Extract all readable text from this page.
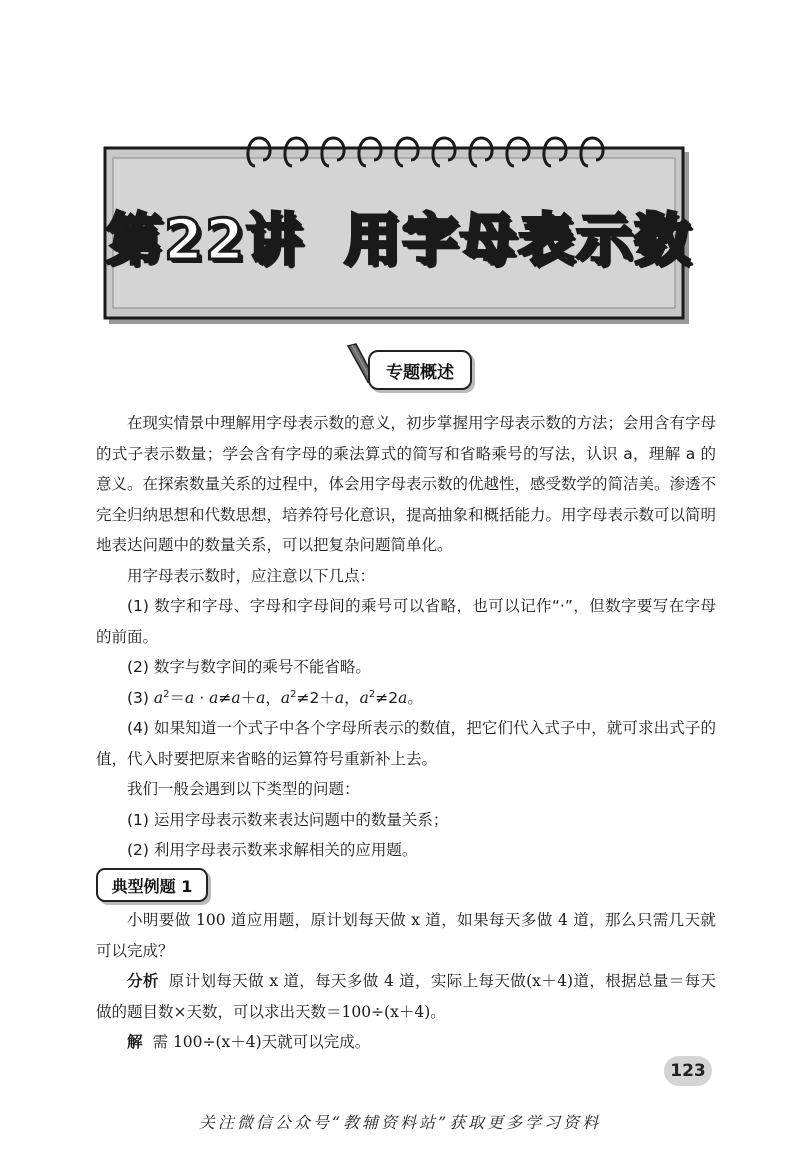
第22讲 用字母表示数
专题概述

在现实情景中理解用字母表示数的意义，初步掌握用字母表示数的方法；会用含有字母的式子表示数量；学会含有字母的乘法算式的简写和省略乘号的写法，认识 a，理解 a 的意义。在探索数量关系的过程中，体会用字母表示数的优越性，感受数学的简洁美。渗透不完全归纳思想和代数思想，培养符号化意识，提高抽象和概括能力。用字母表示数可以简明地表达问题中的数量关系，可以把复杂问题简单化。

用字母表示数时，应注意以下几点：

(1) 数字和字母、字母和字母间的乘号可以省略，也可以记作“·”，但数字要写在字母的前面。

(2) 数字与数字间的乘号不能省略。

(3) $a^2=a \cdot a\ne a+a$，$a^2\ne 2+a$，$a^2\ne 2a$。

(4) 如果知道一个式子中各个字母所表示的数值，把它们代入式子中，就可求出式子的值，代入时要把原来省略的运算符号重新补上去。

我们一般会遇到以下类型的问题：

(1) 运用字母表示数来表达问题中的数量关系；

(2) 利用字母表示数来求解相关的应用题。

典型例题 1

小明要做 100 道应用题，原计划每天做 x 道，如果每天多做 4 道，那么只需几天就可以完成？

分析 原计划每天做 x 道，每天多做 4 道，实际上每天做(x＋4)道，根据总量＝每天做的题目数×天数，可以求出天数＝100÷(x＋4)。

解 需 100÷(x＋4)天就可以完成。

123
关注微信公众号“教辅资料站”获取更多学习资料
